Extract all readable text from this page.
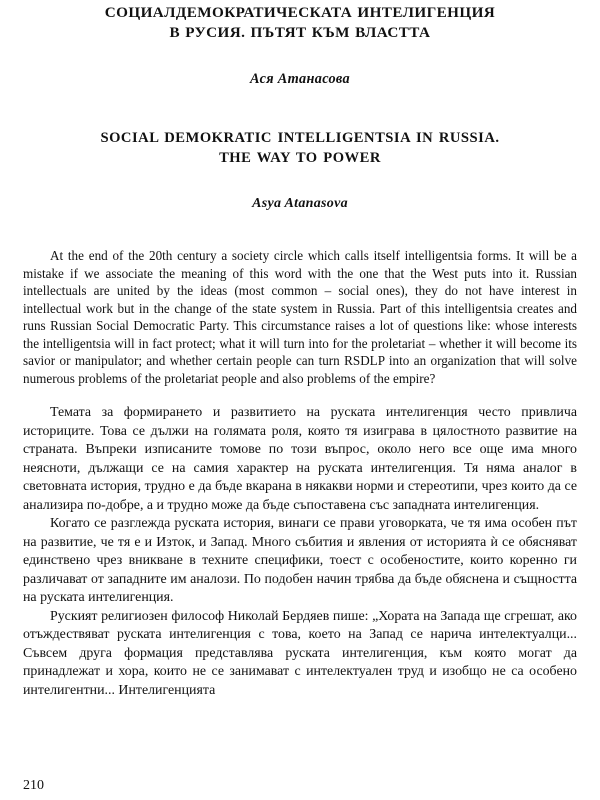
СОЦИАЛДЕМОКРАТИЧЕСКАТА ИНТЕЛИГЕНЦИЯ
В РУСИЯ. ПЪТЯТ КЪМ ВЛАСТТА
Ася Атанасова
SOCIAL DEMOKRATIC INTELLIGENTSIA IN RUSSIA.
THE WAY TO POWER
Asya Atanasova
At the end of the 20th century a society circle which calls itself intelligentsia forms. It will be a mistake if we associate the meaning of this word with the one that the West puts into it. Russian intellectuals are united by the ideas (most common – social ones), they do not have interest in intellectual work but in the change of the state system in Russia. Part of this intelligentsia creates and runs Russian Social Democratic Party. This circumstance raises a lot of questions like: whose interests the intelligentsia will in fact protect; what it will turn into for the proletariat – whether it will become its savior or manipulator; and whether certain people can turn RSDLP into an organization that will solve numerous problems of the proletariat people and also problems of the empire?
Темата за формирането и развитието на руската интелигенция често привлича историците. Това се дължи на голямата роля, която тя изиграва в цялостното развитие на страната. Въпреки изписаните томове по този въпрос, около него все още има много неясноти, дължащи се на самия характер на руската интелигенция. Тя няма аналог в световната история, трудно е да бъде вкарана в някакви норми и стереотипи, чрез които да се анализира по-добре, а и трудно може да бъде съпоставена със западната интелигенция.
Когато се разглежда руската история, винаги се прави уговорката, че тя има особен път на развитие, че тя е и Изток, и Запад. Много събития и явления от историята ѝ се обясняват единствено чрез вникване в техните специфики, тоест с особеностите, които коренно ги различават от западните им аналози. По подобен начин трябва да бъде обяснена и същността на руската интелигенция.
Руският религиозен философ Николай Бердяев пише: „Хората на Запада ще сгрешат, ако отъждествяват руската интелигенция с това, което на Запад се нарича интелектуалци... Съвсем друга формация представлява руската интелигенция, към която могат да принадлежат и хора, които не се занимават с интелектуален труд и изобщо не са особено интелигентни... Интелигенцията
210
